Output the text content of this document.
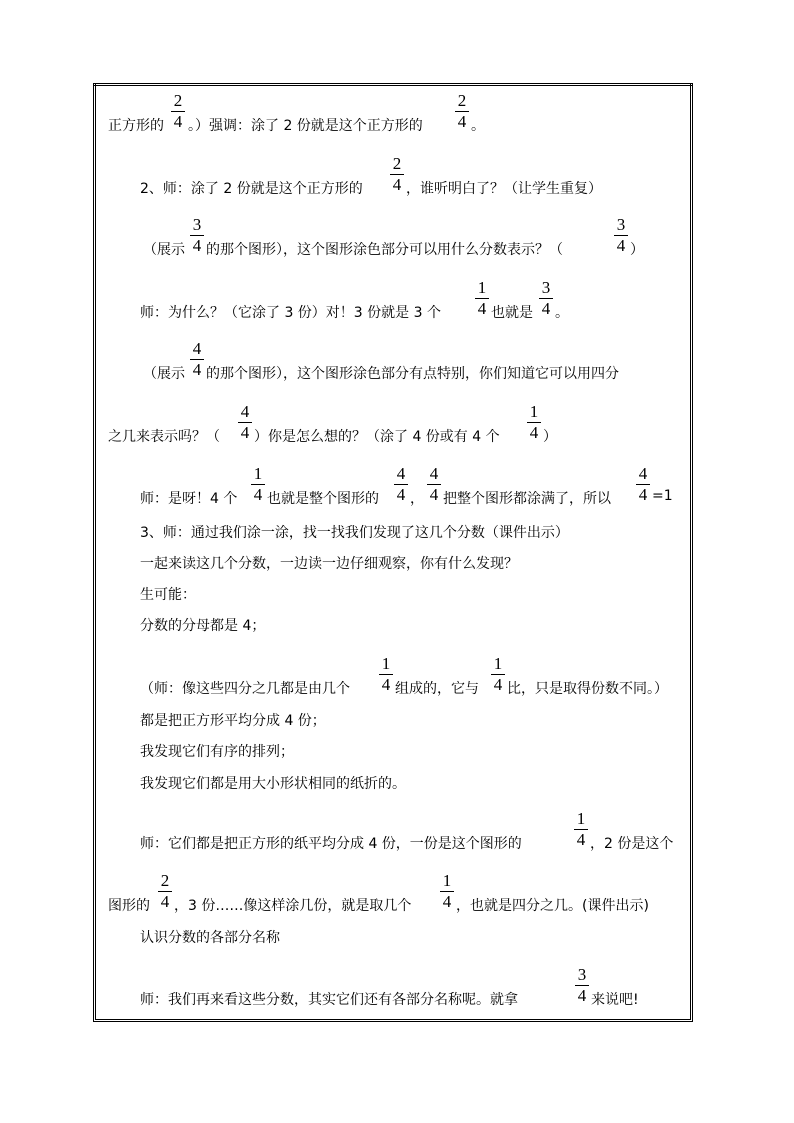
正方形的
2
4 。）强调：涂了 2 份就是这个正方形的
2
4 。
2、师：涂了 2 份就是这个正方形的
2
4 ，谁听明白了？（让学生重复）
（展示
3
4 的那个图形），这个图形涂色部分可以用什么分数表示？（
3
4 ）
师：为什么？（它涂了 3 份）对！3 份就是 3 个
1
4 也就是
3
4 。
（展示
4
4 的那个图形），这个图形涂色部分有点特别，你们知道它可以用四分
之几来表示吗？（
4
4 ）你是怎么想的？（涂了 4 份或有 4 个
1
4 ）
师：是呀！4 个
1
4 也就是整个图形的
4
4 ，
4
4 把整个图形都涂满了，所以
4
4 =1
3、师：通过我们涂一涂，找一找我们发现了这几个分数（课件出示）
一起来读这几个分数，一边读一边仔细观察，你有什么发现？
生可能：
分数的分母都是 4；
（师：像这些四分之几都是由几个
1
4 组成的，它与
1
4 比，只是取得份数不同。）
都是把正方形平均分成 4 份；
我发现它们有序的排列；
我发现它们都是用大小形状相同的纸折的。
师：它们都是把正方形的纸平均分成 4 份，一份是这个图形的
1
4 ，2 份是这个
图形的
2
4 ，3 份……像这样涂几份，就是取几个
1
4 ，也就是四分之几。(课件出示)
认识分数的各部分名称
师：我们再来看这些分数，其实它们还有各部分名称呢。就拿
3
4 来说吧!
